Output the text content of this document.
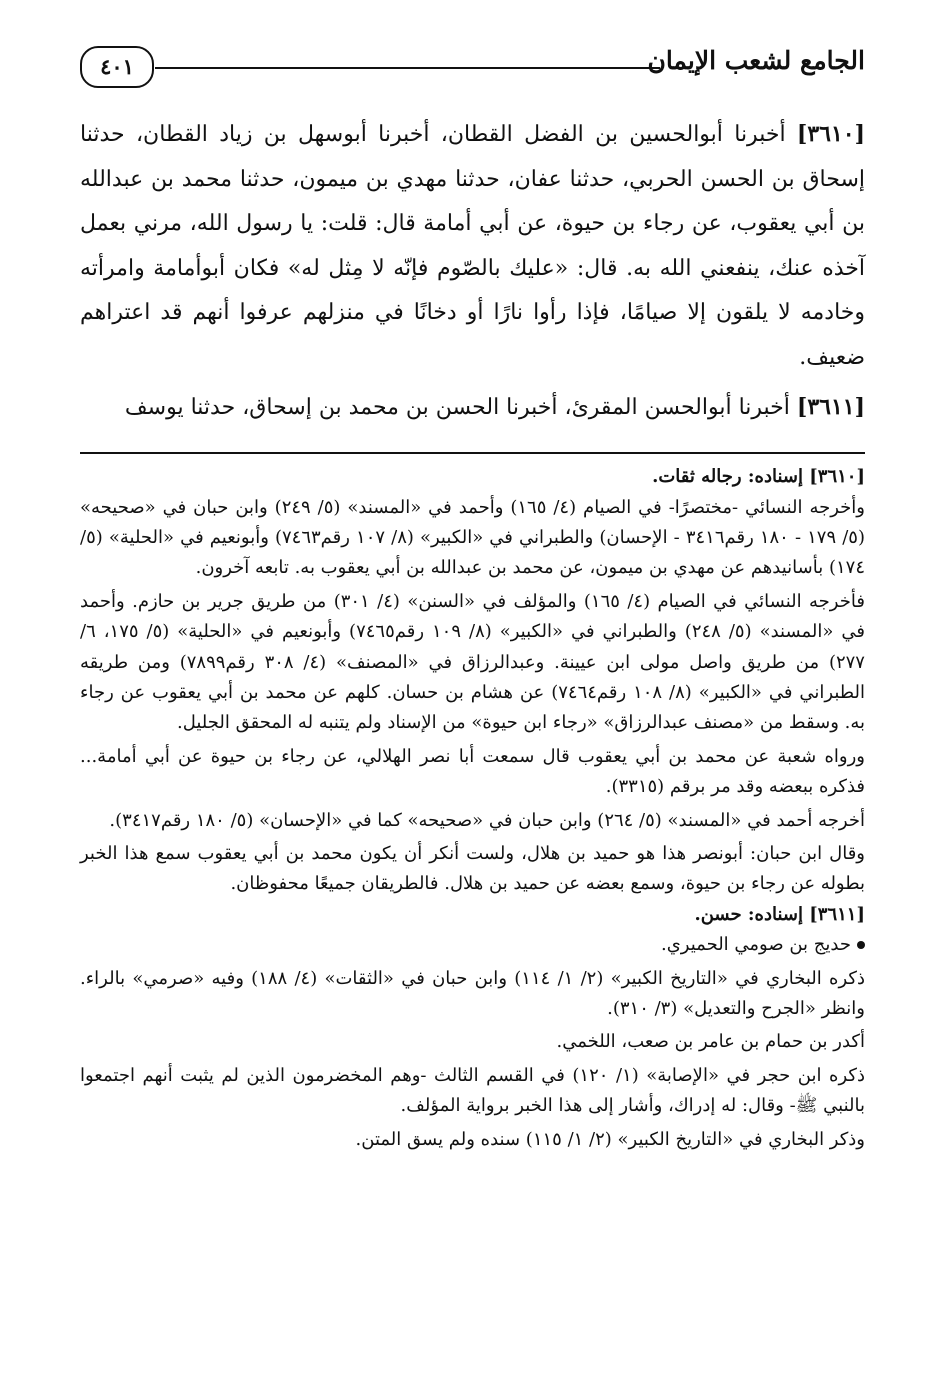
الجامع لشعب الإيمان
٤٠١

[٣٦١٠] أخبرنا أبوالحسين بن الفضل القطان، أخبرنا أبوسهل بن زياد القطان، حدثنا إسحاق بن الحسن الحربي، حدثنا عفان، حدثنا مهدي بن ميمون، حدثنا محمد بن عبدالله بن أبي يعقوب، عن رجاء بن حيوة، عن أبي أمامة قال: قلت: يا رسول الله، مرني بعمل آخذه عنك، ينفعني الله به. قال: «عليك بالصّوم فإنّه لا مِثل له» فكان أبوأمامة وامرأته وخادمه لا يلقون إلا صيامًا، فإذا رأوا نارًا أو دخانًا في منزلهم عرفوا أنهم قد اعتراهم ضعيف.

[٣٦١١] أخبرنا أبوالحسن المقرئ، أخبرنا الحسن بن محمد بن إسحاق، حدثنا يوسف

[٣٦١٠] إسناده: رجاله ثقات.

وأخرجه النسائي -مختصرًا- في الصيام (٤/ ١٦٥) وأحمد في «المسند» (٥/ ٢٤٩) وابن حبان في «صحيحه» (٥/ ١٧٩ - ١٨٠ رقم٣٤١٦ - الإحسان) والطبراني في «الكبير» (٨/ ١٠٧ رقم٧٤٦٣) وأبونعيم في «الحلية» (٥/ ١٧٤) بأسانيدهم عن مهدي بن ميمون، عن محمد بن عبدالله بن أبي يعقوب به. تابعه آخرون.

فأخرجه النسائي في الصيام (٤/ ١٦٥) والمؤلف في «السنن» (٤/ ٣٠١) من طريق جرير بن حازم. وأحمد في «المسند» (٥/ ٢٤٨) والطبراني في «الكبير» (٨/ ١٠٩ رقم٧٤٦٥) وأبونعيم في «الحلية» (٥/ ١٧٥، ٦/ ٢٧٧) من طريق واصل مولى ابن عيينة. وعبدالرزاق في «المصنف» (٤/ ٣٠٨ رقم٧٨٩٩) ومن طريقه الطبراني في «الكبير» (٨/ ١٠٨ رقم٧٤٦٤) عن هشام بن حسان. كلهم عن محمد بن أبي يعقوب عن رجاء به. وسقط من «مصنف عبدالرزاق» «رجاء ابن حيوة» من الإسناد ولم يتنبه له المحقق الجليل.

ورواه شعبة عن محمد بن أبي يعقوب قال سمعت أبا نصر الهلالي، عن رجاء بن حيوة عن أبي أمامة... فذكره ببعضه وقد مر برقم (٣٣١٥).

أخرجه أحمد في «المسند» (٥/ ٢٦٤) وابن حبان في «صحيحه» كما في «الإحسان» (٥/ ١٨٠ رقم٣٤١٧).

وقال ابن حبان: أبونصر هذا هو حميد بن هلال، ولست أنكر أن يكون محمد بن أبي يعقوب سمع هذا الخبر بطوله عن رجاء بن حيوة، وسمع بعضه عن حميد بن هلال. فالطريقان جميعًا محفوظان.

[٣٦١١] إسناده: حسن.

حديج بن صومي الحميري.

ذكره البخاري في «التاريخ الكبير» (٢/ ١/ ١١٤) وابن حبان في «الثقات» (٤/ ١٨٨) وفيه «صرمي» بالراء. وانظر «الجرح والتعديل» (٣/ ٣١٠).

أكدر بن حمام بن عامر بن صعب، اللخمي.

ذكره ابن حجر في «الإصابة» (١/ ١٢٠) في القسم الثالث -وهم المخضرمون الذين لم يثبت أنهم اجتمعوا بالنبي ﷺ- وقال: له إدراك، وأشار إلى هذا الخبر برواية المؤلف.

وذكر البخاري في «التاريخ الكبير» (٢/ ١/ ١١٥) سنده ولم يسق المتن.
